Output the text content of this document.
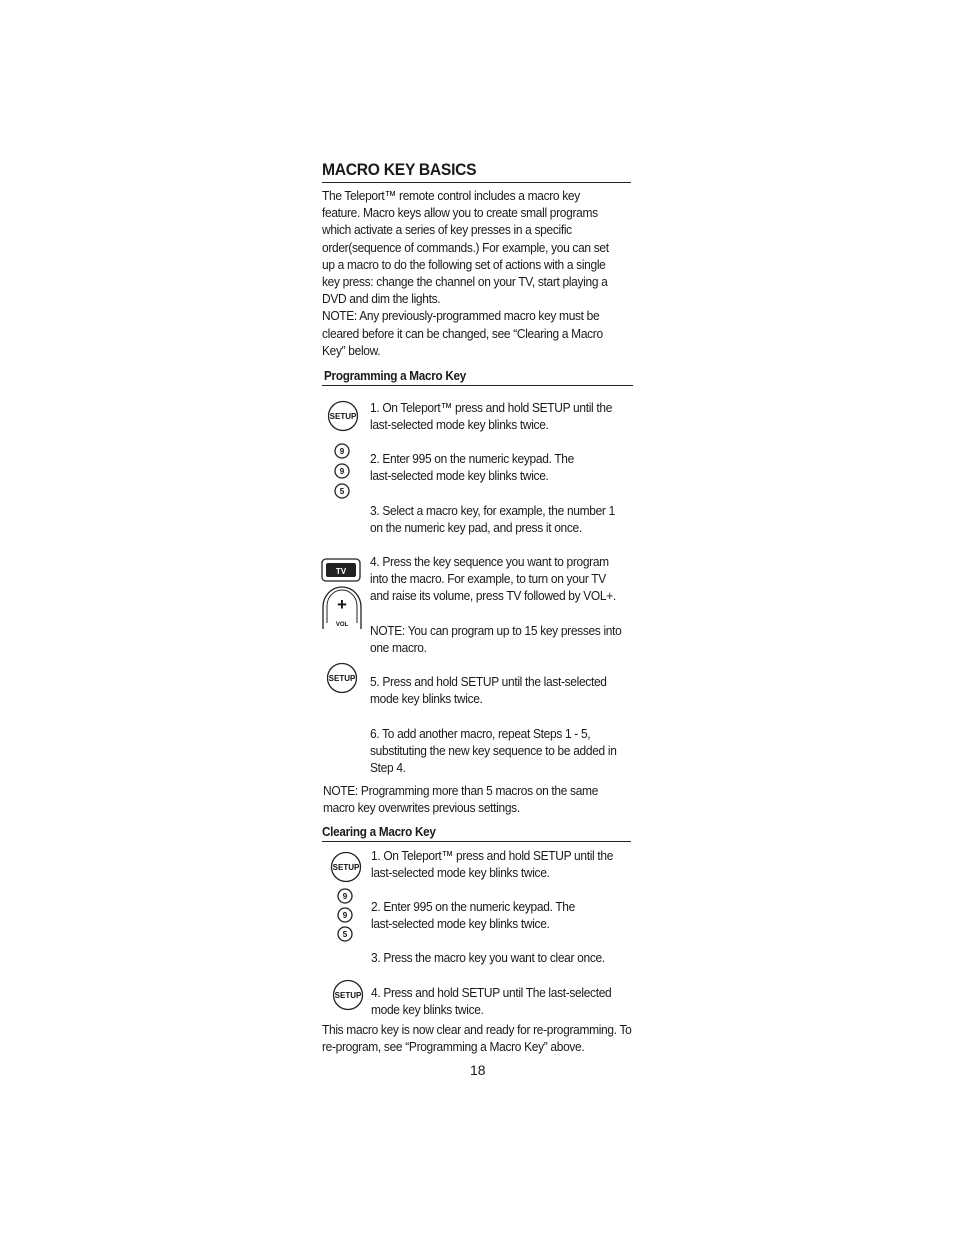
MACRO KEY BASICS
The Teleport™ remote control includes a macro key
feature. Macro keys allow you to create small programs
which activate a series of key presses in a specific
order(sequence of commands.) For example, you can set
up a macro to do the following set of actions with a single
key press: change the channel on your TV, start playing a
DVD and dim the lights.
NOTE: Any previously-programmed macro key must be
cleared before it can be changed, see “Clearing a Macro
Key” below.
Programming a Macro Key
SETUP
9
9
5
TV
+
VOL
SETUP
1. On Teleport™ press and hold SETUP until the
last-selected mode key blinks twice.
2. Enter 995 on the numeric keypad. The
last-selected mode key blinks twice.
3. Select a macro key, for example, the number 1
on the numeric key pad, and press it once.
4. Press the key sequence you want to program
into the macro. For example, to turn on your TV
and raise its volume, press TV followed by VOL+.
NOTE: You can program up to 15 key presses into
one macro.
5. Press and hold SETUP until the last-selected
mode key blinks twice.
6. To add another macro, repeat Steps 1 - 5,
substituting the new key sequence to be added in
Step 4.
NOTE: Programming more than 5 macros on the same
macro key overwrites previous settings.
Clearing a Macro Key
SETUP
9
9
5
SETUP
1. On Teleport™ press and hold SETUP until the
last-selected mode key blinks twice.
2. Enter 995 on the numeric keypad. The
last-selected mode key blinks twice.
3. Press the macro key you want to clear once.
4. Press and hold SETUP until The last-selected
mode key blinks twice.
This macro key is now clear and ready for re-programming. To
re-program, see “Programming a Macro Key” above.
18
